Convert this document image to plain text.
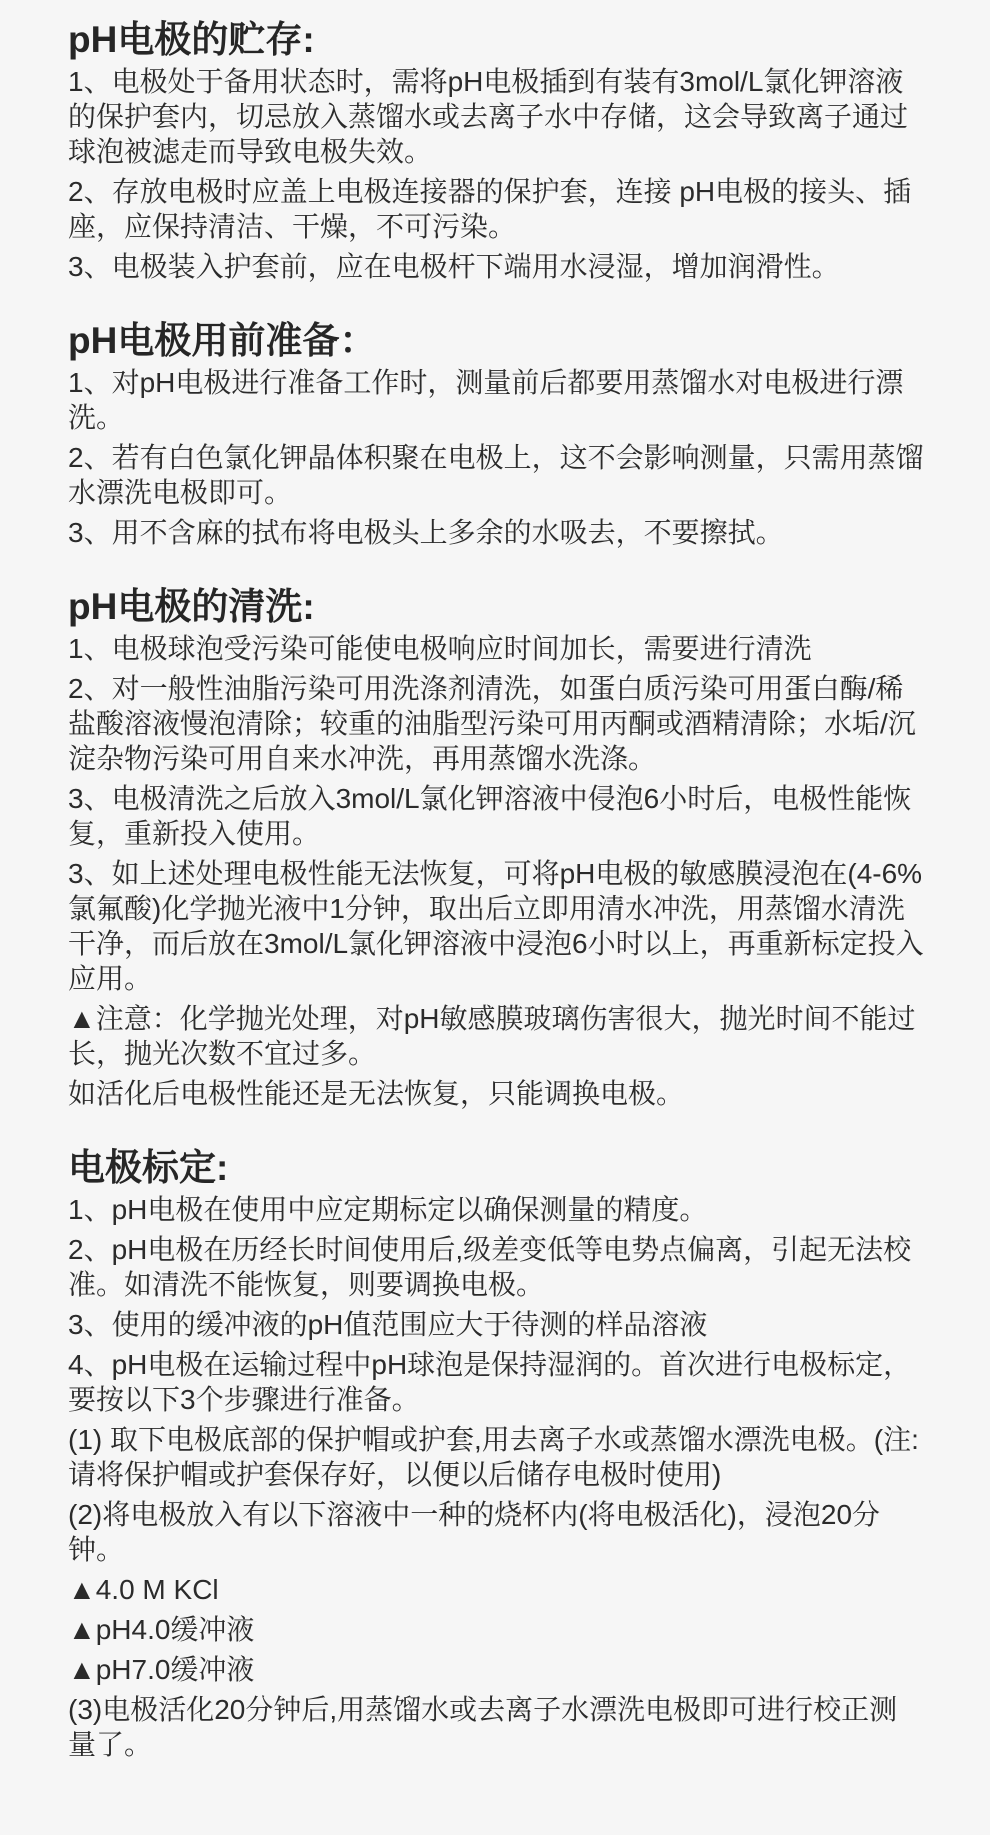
pH电极的贮存:

1、电极处于备用状态时，需将pH电极插到有装有3mol/L氯化钾溶液的保护套内，切忌放入蒸馏水或去离子水中存储，这会导致离子通过球泡被滤走而导致电极失效。

2、存放电极时应盖上电极连接器的保护套，连接 pH电极的接头、插座，应保持清洁、干燥，不可污染。

3、电极装入护套前，应在电极杆下端用水浸湿，增加润滑性。

pH电极用前准备：

1、对pH电极进行准备工作时，测量前后都要用蒸馏水对电极进行漂洗。

2、若有白色氯化钾晶体积聚在电极上，这不会影响测量，只需用蒸馏水漂洗电极即可。

3、用不含麻的拭布将电极头上多余的水吸去，不要擦拭。

pH电极的清洗:

1、电极球泡受污染可能使电极响应时间加长，需要进行清洗

2、对一般性油脂污染可用洗涤剂清洗，如蛋白质污染可用蛋白酶/稀盐酸溶液慢泡清除；较重的油脂型污染可用丙酮或酒精清除；水垢/沉淀杂物污染可用自来水冲洗，再用蒸馏水洗涤。

3、电极清洗之后放入3mol/L氯化钾溶液中侵泡6小时后，电极性能恢复，重新投入使用。

3、如上述处理电极性能无法恢复，可将pH电极的敏感膜浸泡在(4-6%氯氟酸)化学抛光液中1分钟，取出后立即用清水冲洗，用蒸馏水清洗干净，而后放在3mol/L氯化钾溶液中浸泡6小时以上，再重新标定投入应用。

▲注意：化学抛光处理，对pH敏感膜玻璃伤害很大，抛光时间不能过长，抛光次数不宜过多。

如活化后电极性能还是无法恢复，只能调换电极。

电极标定:

1、pH电极在使用中应定期标定以确保测量的精度。

2、pH电极在历经长时间使用后,级差变低等电势点偏离，引起无法校准。如清洗不能恢复，则要调换电极。

3、使用的缓冲液的pH值范围应大于待测的样品溶液

4、pH电极在运输过程中pH球泡是保持湿润的。首次进行电极标定，要按以下3个步骤进行准备。

(1) 取下电极底部的保护帽或护套,用去离子水或蒸馏水漂洗电极。(注:请将保护帽或护套保存好，以便以后储存电极时使用)

(2)将电极放入有以下溶液中一种的烧杯内(将电极活化)，浸泡20分钟。

▲4.0 M KCl

▲pH4.0缓冲液

▲pH7.0缓冲液

(3)电极活化20分钟后,用蒸馏水或去离子水漂洗电极即可进行校正测量了。
